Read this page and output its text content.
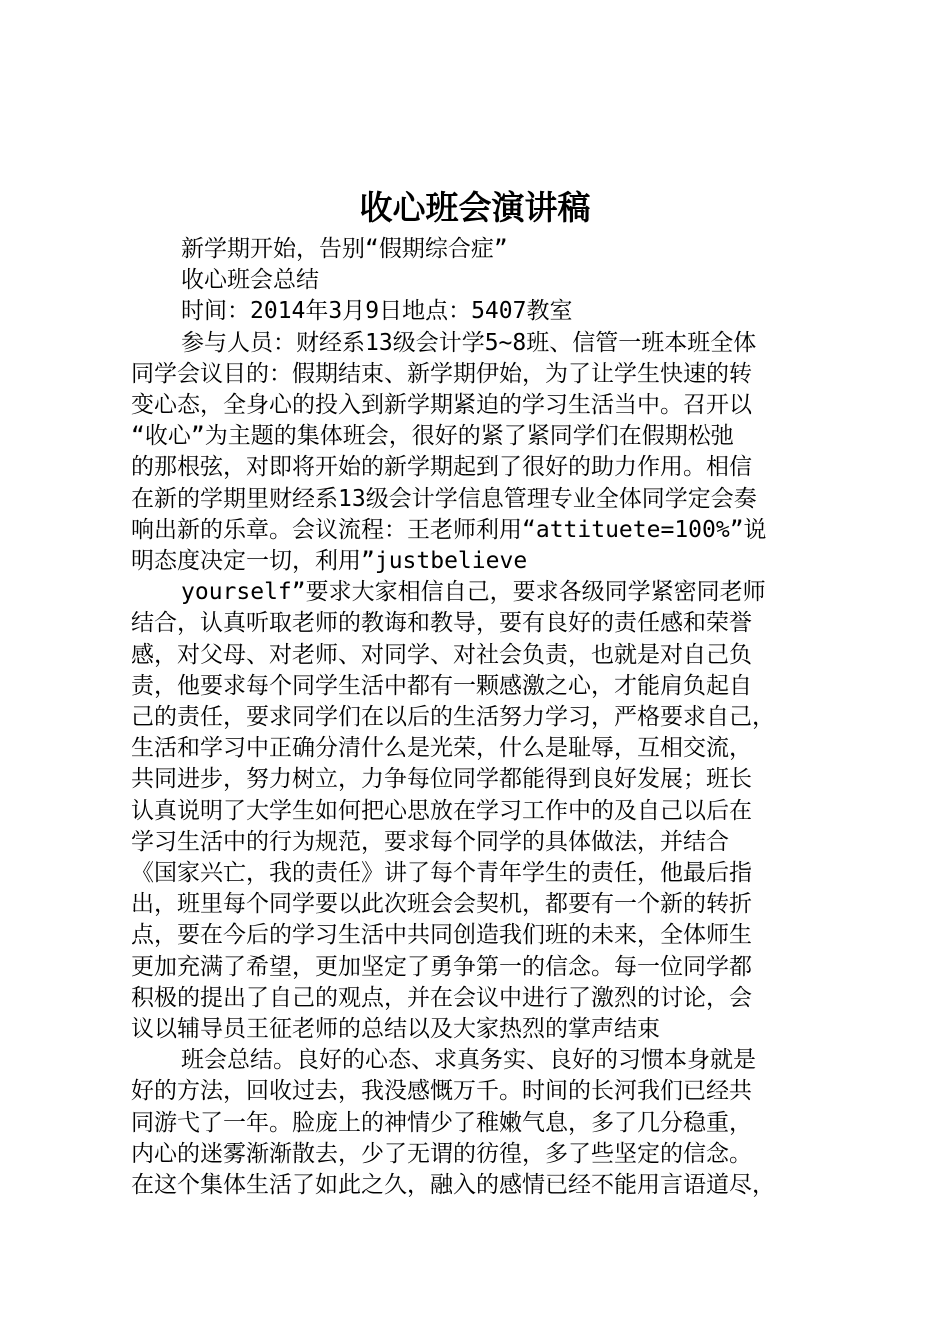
收心班会演讲稿
新学期开始，告别“假期综合症”
收心班会总结
时间：2014年3月9日地点：5407教室
参与人员：财经系13级会计学5~8班、信管一班本班全体
同学会议目的：假期结束、新学期伊始，为了让学生快速的转
变心态，全身心的投入到新学期紧迫的学习生活当中。召开以
“收心”为主题的集体班会，很好的紧了紧同学们在假期松弛
的那根弦，对即将开始的新学期起到了很好的助力作用。相信
在新的学期里财经系13级会计学信息管理专业全体同学定会奏
响出新的乐章。会议流程：王老师利用“attituete=100%”说
明态度决定一切，利用”justbelieve
yourself”要求大家相信自己，要求各级同学紧密同老师
结合，认真听取老师的教诲和教导，要有良好的责任感和荣誉
感，对父母、对老师、对同学、对社会负责，也就是对自己负
责，他要求每个同学生活中都有一颗感激之心，才能肩负起自
己的责任，要求同学们在以后的生活努力学习，严格要求自己，
生活和学习中正确分清什么是光荣，什么是耻辱，互相交流，
共同进步，努力树立，力争每位同学都能得到良好发展；班长
认真说明了大学生如何把心思放在学习工作中的及自己以后在
学习生活中的行为规范，要求每个同学的具体做法，并结合
《国家兴亡，我的责任》讲了每个青年学生的责任，他最后指
出，班里每个同学要以此次班会会契机，都要有一个新的转折
点，要在今后的学习生活中共同创造我们班的未来，全体师生
更加充满了希望，更加坚定了勇争第一的信念。每一位同学都
积极的提出了自己的观点，并在会议中进行了激烈的讨论，会
议以辅导员王征老师的总结以及大家热烈的掌声结束
班会总结。良好的心态、求真务实、良好的习惯本身就是
好的方法，回收过去，我没感慨万千。时间的长河我们已经共
同游弋了一年。脸庞上的神情少了稚嫩气息，多了几分稳重，
内心的迷雾渐渐散去，少了无谓的彷徨，多了些坚定的信念。
在这个集体生活了如此之久，融入的感情已经不能用言语道尽，
